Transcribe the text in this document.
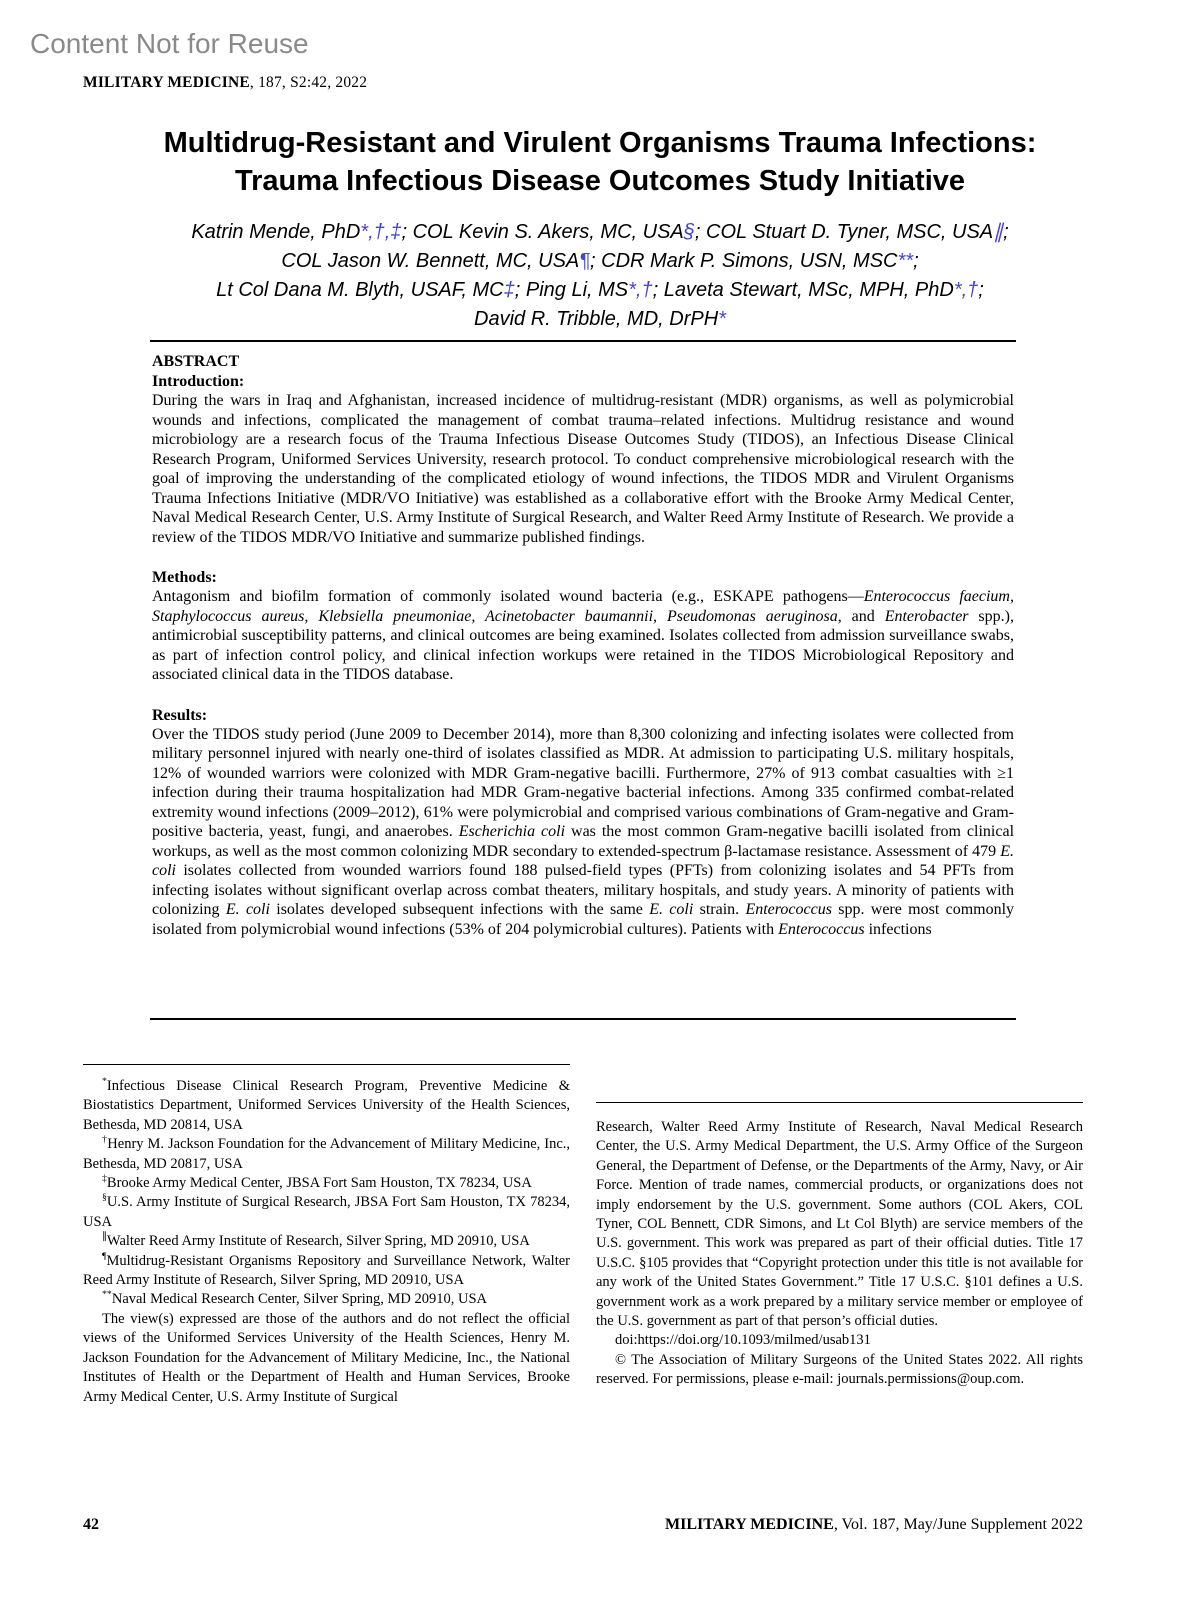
Content Not for Reuse
MILITARY MEDICINE, 187, S2:42, 2022
Multidrug-Resistant and Virulent Organisms Trauma Infections:
Trauma Infectious Disease Outcomes Study Initiative
Katrin Mende, PhD*,†,‡; COL Kevin S. Akers, MC, USA§; COL Stuart D. Tyner, MSC, USA∥;
COL Jason W. Bennett, MC, USA¶; CDR Mark P. Simons, USN, MSC**;
Lt Col Dana M. Blyth, USAF, MC‡; Ping Li, MS*,†; Laveta Stewart, MSc, MPH, PhD*,†;
David R. Tribble, MD, DrPH*
ABSTRACT
Introduction:

During the wars in Iraq and Afghanistan, increased incidence of multidrug-resistant (MDR) organisms, as well as polymicrobial wounds and infections, complicated the management of combat trauma–related infections. Multidrug resistance and wound microbiology are a research focus of the Trauma Infectious Disease Outcomes Study (TIDOS), an Infectious Disease Clinical Research Program, Uniformed Services University, research protocol. To conduct comprehensive microbiological research with the goal of improving the understanding of the complicated etiology of wound infections, the TIDOS MDR and Virulent Organisms Trauma Infections Initiative (MDR/VO Initiative) was established as a collaborative effort with the Brooke Army Medical Center, Naval Medical Research Center, U.S. Army Institute of Surgical Research, and Walter Reed Army Institute of Research. We provide a review of the TIDOS MDR/VO Initiative and summarize published findings.

Methods:

Antagonism and biofilm formation of commonly isolated wound bacteria (e.g., ESKAPE pathogens—Enterococcus faecium, Staphylococcus aureus, Klebsiella pneumoniae, Acinetobacter baumannii, Pseudomonas aeruginosa, and Enterobacter spp.), antimicrobial susceptibility patterns, and clinical outcomes are being examined. Isolates collected from admission surveillance swabs, as part of infection control policy, and clinical infection workups were retained in the TIDOS Microbiological Repository and associated clinical data in the TIDOS database.

Results:

Over the TIDOS study period (June 2009 to December 2014), more than 8,300 colonizing and infecting isolates were collected from military personnel injured with nearly one-third of isolates classified as MDR. At admission to participating U.S. military hospitals, 12% of wounded warriors were colonized with MDR Gram-negative bacilli. Furthermore, 27% of 913 combat casualties with ≥1 infection during their trauma hospitalization had MDR Gram-negative bacterial infections. Among 335 confirmed combat-related extremity wound infections (2009–2012), 61% were polymicrobial and comprised various combinations of Gram-negative and Gram-positive bacteria, yeast, fungi, and anaerobes. Escherichia coli was the most common Gram-negative bacilli isolated from clinical workups, as well as the most common colonizing MDR secondary to extended-spectrum β-lactamase resistance. Assessment of 479 E. coli isolates collected from wounded warriors found 188 pulsed-field types (PFTs) from colonizing isolates and 54 PFTs from infecting isolates without significant overlap across combat theaters, military hospitals, and study years. A minority of patients with colonizing E. coli isolates developed subsequent infections with the same E. coli strain. Enterococcus spp. were most commonly isolated from polymicrobial wound infections (53% of 204 polymicrobial cultures). Patients with Enterococcus infections

*Infectious Disease Clinical Research Program, Preventive Medicine & Biostatistics Department, Uniformed Services University of the Health Sciences, Bethesda, MD 20814, USA

†Henry M. Jackson Foundation for the Advancement of Military Medicine, Inc., Bethesda, MD 20817, USA

‡Brooke Army Medical Center, JBSA Fort Sam Houston, TX 78234, USA

§U.S. Army Institute of Surgical Research, JBSA Fort Sam Houston, TX 78234, USA

∥Walter Reed Army Institute of Research, Silver Spring, MD 20910, USA

¶Multidrug-Resistant Organisms Repository and Surveillance Network, Walter Reed Army Institute of Research, Silver Spring, MD 20910, USA

**Naval Medical Research Center, Silver Spring, MD 20910, USA

The view(s) expressed are those of the authors and do not reflect the official views of the Uniformed Services University of the Health Sciences, Henry M. Jackson Foundation for the Advancement of Military Medicine, Inc., the National Institutes of Health or the Department of Health and Human Services, Brooke Army Medical Center, U.S. Army Institute of Surgical

Research, Walter Reed Army Institute of Research, Naval Medical Research Center, the U.S. Army Medical Department, the U.S. Army Office of the Surgeon General, the Department of Defense, or the Departments of the Army, Navy, or Air Force. Mention of trade names, commercial products, or organizations does not imply endorsement by the U.S. government. Some authors (COL Akers, COL Tyner, COL Bennett, CDR Simons, and Lt Col Blyth) are service members of the U.S. government. This work was prepared as part of their official duties. Title 17 U.S.C. §105 provides that “Copyright protection under this title is not available for any work of the United States Government.” Title 17 U.S.C. §101 defines a U.S. government work as a work prepared by a military service member or employee of the U.S. government as part of that person’s official duties.

doi:https://doi.org/10.1093/milmed/usab131

© The Association of Military Surgeons of the United States 2022. All rights reserved. For permissions, please e-mail: journals.permissions@oup.com.

42	MILITARY MEDICINE, Vol. 187, May/June Supplement 2022
